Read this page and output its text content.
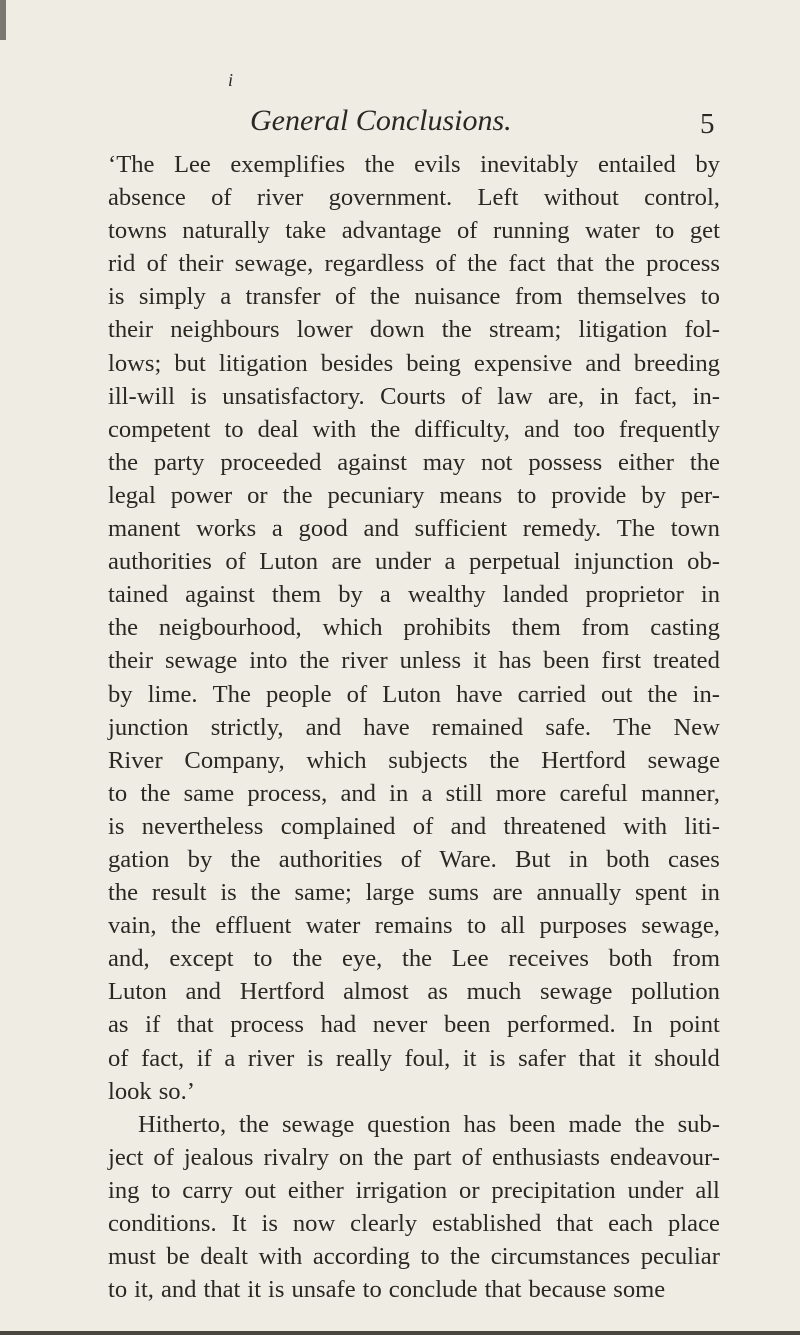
i
General Conclusions.	5
‘The Lee exemplifies the evils inevitably entailed by
absence of river government. Left without control,
towns naturally take advantage of running water to get
rid of their sewage, regardless of the fact that the process
is simply a transfer of the nuisance from themselves to
their neighbours lower down the stream; litigation fol-
lows; but litigation besides being expensive and breeding
ill-will is unsatisfactory. Courts of law are, in fact, in-
competent to deal with the difficulty, and too frequently
the party proceeded against may not possess either the
legal power or the pecuniary means to provide by per-
manent works a good and sufficient remedy. The town
authorities of Luton are under a perpetual injunction ob-
tained against them by a wealthy landed proprietor in
the neigbourhood, which prohibits them from casting
their sewage into the river unless it has been first treated
by lime. The people of Luton have carried out the in-
junction strictly, and have remained safe. The New
River Company, which subjects the Hertford sewage
to the same process, and in a still more careful manner,
is nevertheless complained of and threatened with liti-
gation by the authorities of Ware. But in both cases
the result is the same; large sums are annually spent in
vain, the effluent water remains to all purposes sewage,
and, except to the eye, the Lee receives both from
Luton and Hertford almost as much sewage pollution
as if that process had never been performed. In point
of fact, if a river is really foul, it is safer that it should
look so.’
Hitherto, the sewage question has been made the sub-
ject of jealous rivalry on the part of enthusiasts endeavour-
ing to carry out either irrigation or precipitation under all
conditions. It is now clearly established that each place
must be dealt with according to the circumstances peculiar
to it, and that it is unsafe to conclude that because some
